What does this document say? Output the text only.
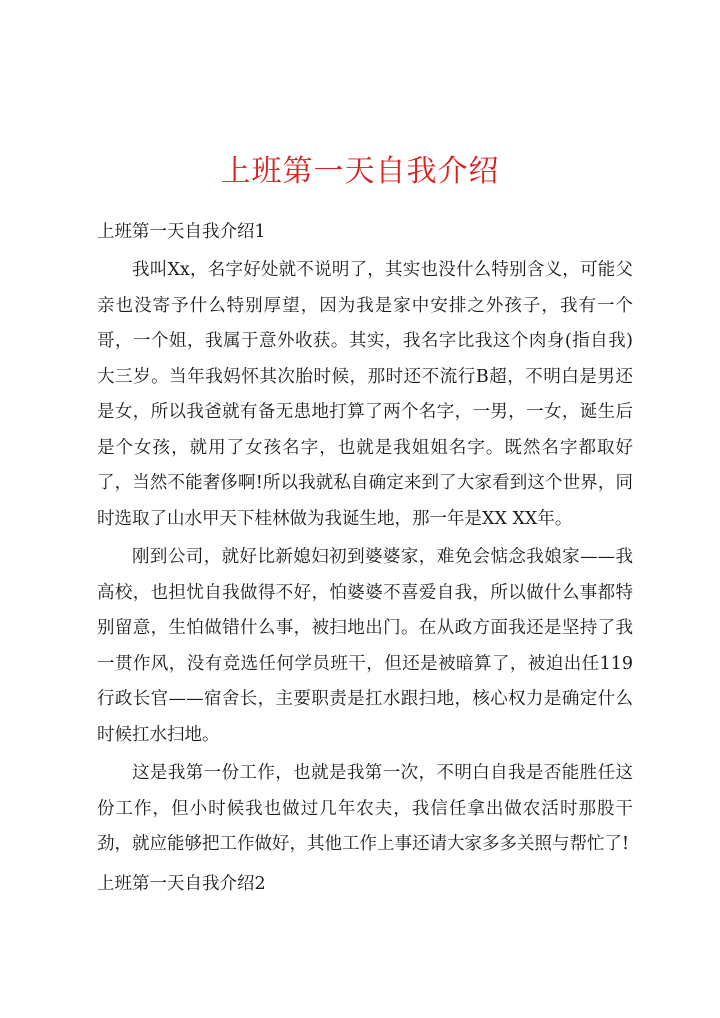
上班第一天自我介绍

上班第一天自我介绍1

我叫Xx，名字好处就不说明了，其实也没什么特别含义，可能父亲也没寄予什么特别厚望，因为我是家中安排之外孩子，我有一个哥，一个姐，我属于意外收获。其实，我名字比我这个肉身(指自我)大三岁。当年我妈怀其次胎时候，那时还不流行B超，不明白是男还是女，所以我爸就有备无患地打算了两个名字，一男，一女，诞生后是个女孩，就用了女孩名字，也就是我姐姐名字。既然名字都取好了，当然不能奢侈啊!所以我就私自确定来到了大家看到这个世界，同时选取了山水甲天下桂林做为我诞生地，那一年是XX XX年。

刚到公司，就好比新媳妇初到婆婆家，难免会惦念我娘家——我高校，也担忧自我做得不好，怕婆婆不喜爱自我，所以做什么事都特别留意，生怕做错什么事，被扫地出门。在从政方面我还是坚持了我一贯作风，没有竞选任何学员班干，但还是被暗算了，被迫出任119行政长官——宿舍长，主要职责是扛水跟扫地，核心权力是确定什么时候扛水扫地。

这是我第一份工作，也就是我第一次，不明白自我是否能胜任这份工作，但小时候我也做过几年农夫，我信任拿出做农活时那股干劲，就应能够把工作做好，其他工作上事还请大家多多关照与帮忙了!

上班第一天自我介绍2
